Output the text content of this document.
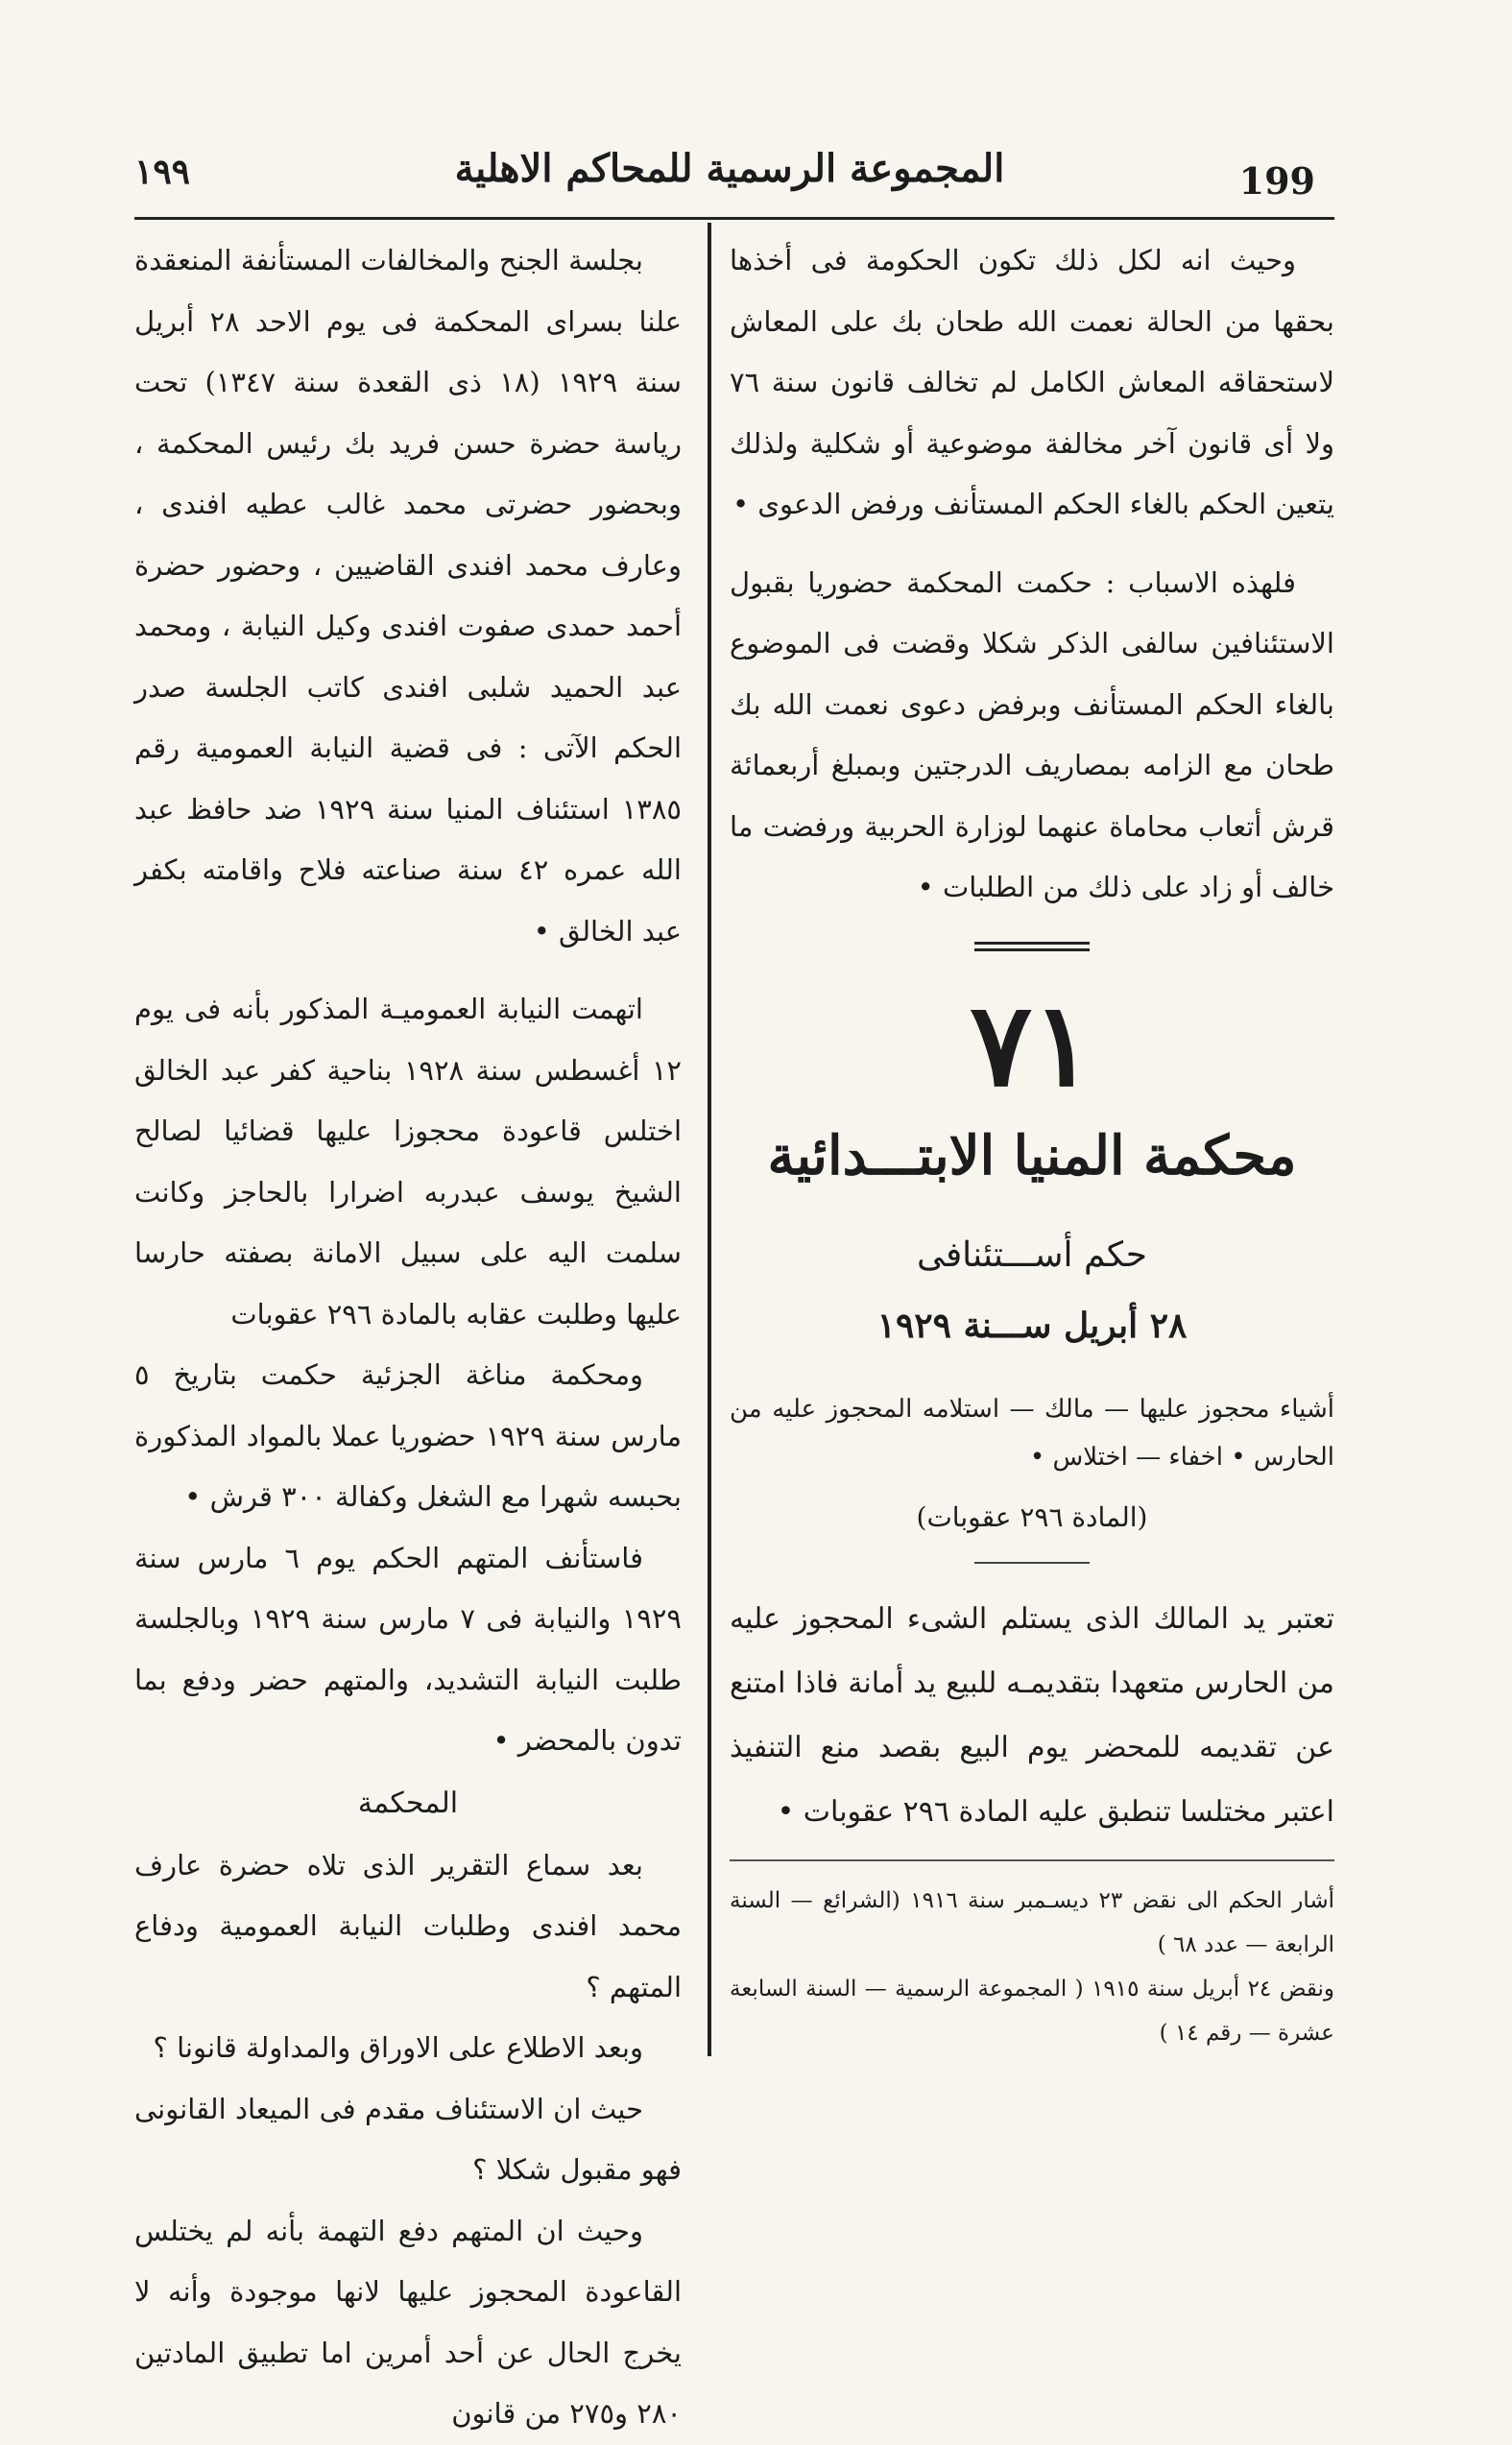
١٩٩	المجموعة الرسمية للمحاكم الاهلية	199

وحيث انه لكل ذلك تكون الحكومة فى أخذها بحقها من الحالة نعمت الله طحان بك على المعاش لاستحقاقه المعاش الكامل لم تخالف قانون سنة ٧٦ ولا أى قانون آخر مخالفة موضوعية أو شكلية ولذلك يتعين الحكم بالغاء الحكم المستأنف ورفض الدعوى •

فلهذه الاسباب : حكمت المحكمة حضوريا بقبول الاستئنافين سالفى الذكر شكلا وقضت فى الموضوع بالغاء الحكم المستأنف وبرفض دعوى نعمت الله بك طحان مع الزامه بمصاريف الدرجتين وبمبلغ أربعمائة قرش أتعاب محاماة عنهما لوزارة الحربية ورفضت ما خالف أو زاد على ذلك من الطلبات •

٧١
محكمة المنيا الابتـــدائية
حكم أســـتئنافى
٢٨ أبريل ســـنة ١٩٢٩
أشياء محجوز عليها — مالك — استلامه المحجوز عليه من الحارس • اخفاء — اختلاس •
(المادة ٢٩٦ عقوبات)
تعتبر يد المالك الذى يستلم الشىء المحجوز عليه من الحارس متعهدا بتقديمـه للبيع يد أمانة فاذا امتنع عن تقديمه للمحضر يوم البيع بقصد منع التنفيذ اعتبر مختلسا تنطبق عليه المادة ٢٩٦ عقوبات •

أشار الحكم الى نقض ٢٣ ديسـمبر سنة ١٩١٦ (الشرائع — السنة الرابعة — عدد ٦٨ )

ونقض ٢٤ أبريل سنة ١٩١٥ ( المجموعة الرسمية — السنة السابعة عشرة — رقم ١٤ )

بجلسة الجنح والمخالفات المستأنفة المنعقدة علنا بسراى المحكمة فى يوم الاحد ٢٨ أبريل سنة ١٩٢٩ (١٨ ذى القعدة سنة ١٣٤٧) تحت رياسة حضرة حسن فريد بك رئيس المحكمة ، وبحضور حضرتى محمد غالب عطيه افندى ، وعارف محمد افندى القاضيين ، وحضور حضرة أحمد حمدى صفوت افندى وكيل النيابة ، ومحمد عبد الحميد شلبى افندى كاتب الجلسة صدر الحكم الآتى : فى قضية النيابة العمومية رقم ١٣٨٥ استئناف المنيا سنة ١٩٢٩ ضد حافظ عبد الله عمره ٤٢ سنة صناعته فلاح واقامته بكفر عبد الخالق •

اتهمت النيابة العموميـة المذكور بأنه فى يوم ١٢ أغسطس سنة ١٩٢٨ بناحية كفر عبد الخالق اختلس قاعودة محجوزا عليها قضائيا لصالح الشيخ يوسف عبدربه اضرارا بالحاجز وكانت سلمت اليه على سبيل الامانة بصفته حارسا عليها وطلبت عقابه بالمادة ٢٩٦ عقوبات

ومحكمة مناغة الجزئية حكمت بتاريخ ٥ مارس سنة ١٩٢٩ حضوريا عملا بالمواد المذكورة بحبسه شهرا مع الشغل وكفالة ٣٠٠ قرش •

فاستأنف المتهم الحكم يوم ٦ مارس سنة ١٩٢٩ والنيابة فى ٧ مارس سنة ١٩٢٩ وبالجلسة طلبت النيابة التشديد، والمتهم حضر ودفع بما تدون بالمحضر •

المحكمة

بعد سماع التقرير الذى تلاه حضرة عارف محمد افندى وطلبات النيابة العمومية ودفاع المتهم ؟

وبعد الاطلاع على الاوراق والمداولة قانونا ؟

حيث ان الاستئناف مقدم فى الميعاد القانونى فهو مقبول شكلا ؟

وحيث ان المتهم دفع التهمة بأنه لم يختلس القاعودة المحجوز عليها لانها موجودة وأنه لا يخرج الحال عن أحد أمرين اما تطبيق المادتين ٢٨٠ و٢٧٥ من قانون
